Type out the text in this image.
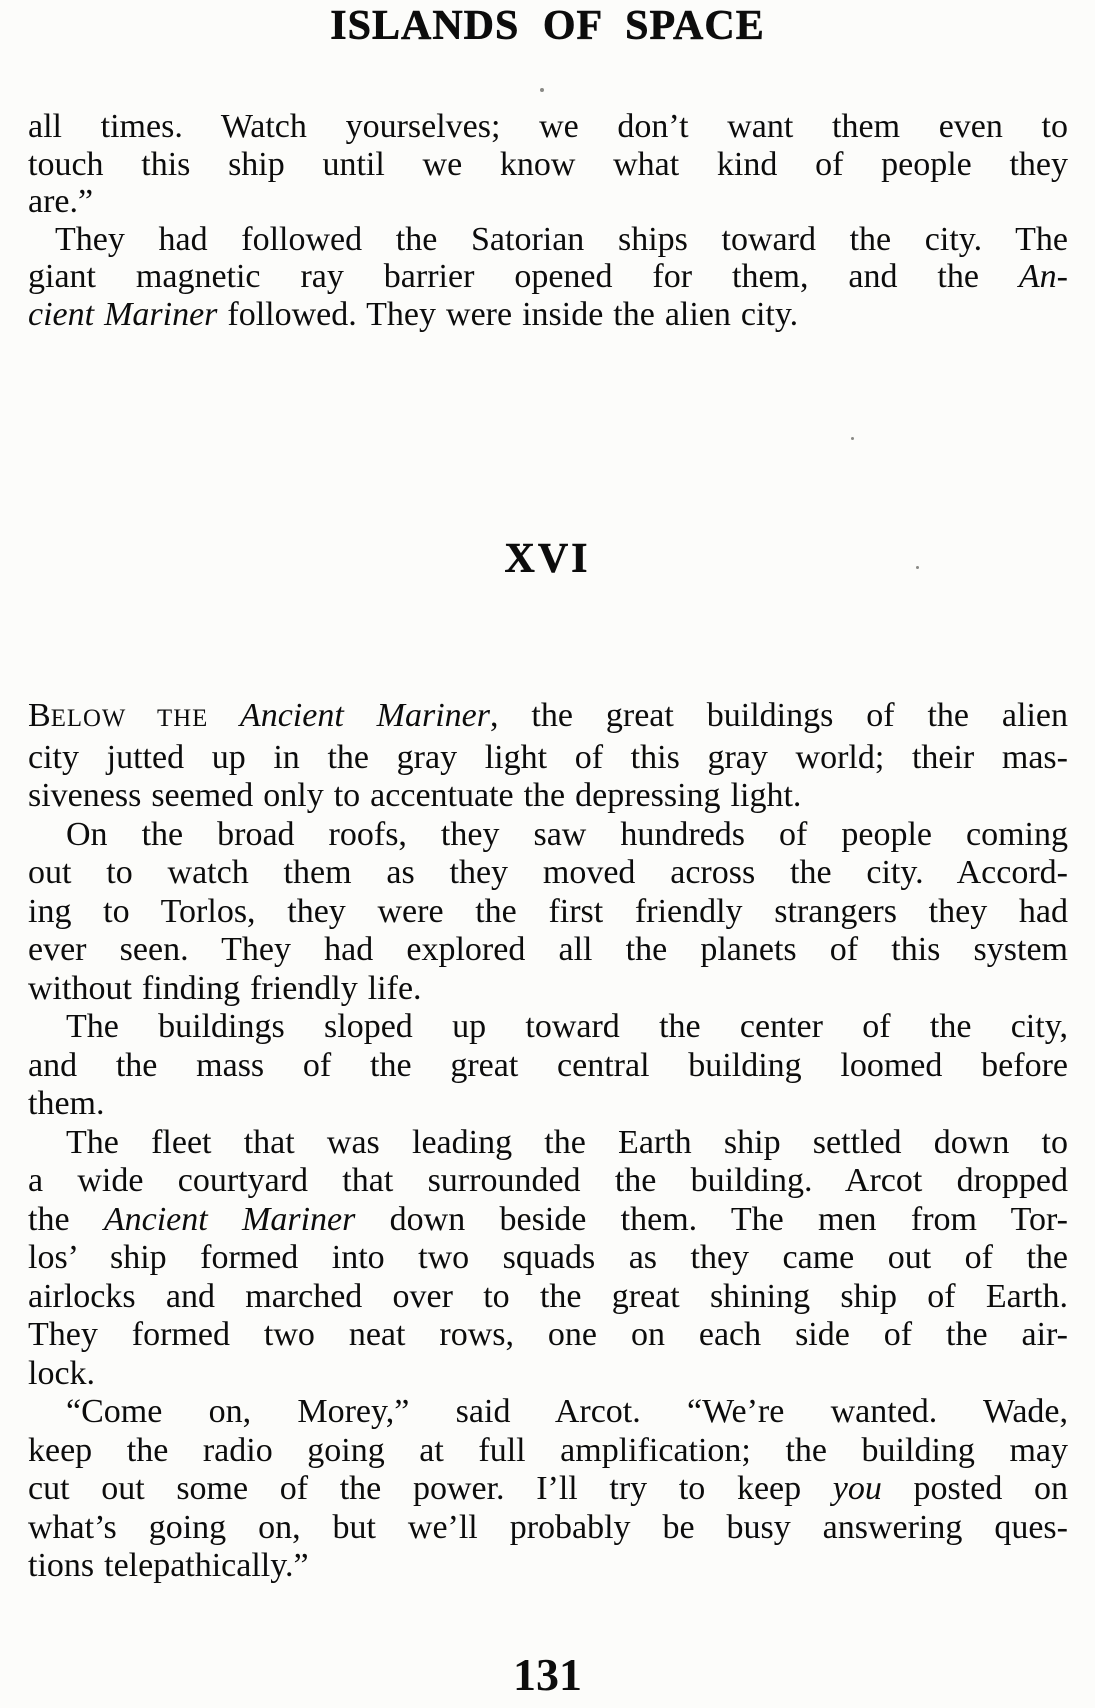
ISLANDS OF SPACE
all times. Watch yourselves; we don’t want them even to
touch this ship until we know what kind of people they
are.”
They had followed the Satorian ships toward the city. The
giant magnetic ray barrier opened for them, and the An-
cient Mariner followed. They were inside the alien city.
XVI
BELOW THE Ancient Mariner, the great buildings of the alien
city jutted up in the gray light of this gray world; their mas-
siveness seemed only to accentuate the depressing light.
On the broad roofs, they saw hundreds of people coming
out to watch them as they moved across the city. Accord-
ing to Torlos, they were the first friendly strangers they had
ever seen. They had explored all the planets of this system
without finding friendly life.
The buildings sloped up toward the center of the city,
and the mass of the great central building loomed before
them.
The fleet that was leading the Earth ship settled down to
a wide courtyard that surrounded the building. Arcot dropped
the Ancient Mariner down beside them. The men from Tor-
los’ ship formed into two squads as they came out of the
airlocks and marched over to the great shining ship of Earth.
They formed two neat rows, one on each side of the air-
lock.
“Come on, Morey,” said Arcot. “We’re wanted. Wade,
keep the radio going at full amplification; the building may
cut out some of the power. I’ll try to keep you posted on
what’s going on, but we’ll probably be busy answering ques-
tions telepathically.”
131
